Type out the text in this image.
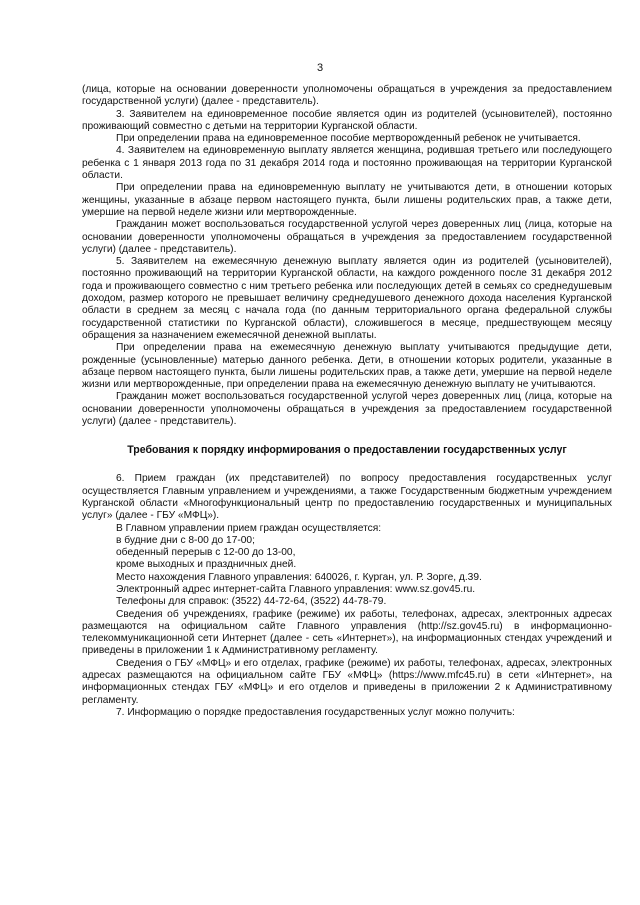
3

(лица, которые на основании доверенности уполномочены обращаться в учреждения за предоставлением государственной услуги) (далее - представитель).

3. Заявителем на единовременное пособие является один из родителей (усыновителей), постоянно проживающий совместно с детьми на территории Курганской области.

При определении права на единовременное пособие мертворожденный ребенок не учитывается.

4. Заявителем на единовременную выплату является женщина, родившая третьего или последующего ребенка с 1 января 2013 года по 31 декабря 2014 года и постоянно проживающая на территории Курганской области.

При определении права на единовременную выплату не учитываются дети, в отношении которых женщины, указанные в абзаце первом настоящего пункта, были лишены родительских прав, а также дети, умершие на первой неделе жизни или мертворожденные.

Гражданин может воспользоваться государственной услугой через доверенных лиц (лица, которые на основании доверенности уполномочены обращаться в учреждения за предоставлением государственной услуги) (далее - представитель).

5. Заявителем на ежемесячную денежную выплату является один из родителей (усыновителей), постоянно проживающий на территории Курганской области, на каждого рожденного после 31 декабря 2012 года и проживающего совместно с ним третьего ребенка или последующих детей в семьях со среднедушевым доходом, размер которого не превышает величину среднедушевого денежного дохода населения Курганской области в среднем за месяц с начала года (по данным территориального органа федеральной службы государственной статистики по Курганской области), сложившегося в месяце, предшествующем месяцу обращения за назначением ежемесячной денежной выплаты.

При определении права на ежемесячную денежную выплату учитываются предыдущие дети, рожденные (усыновленные) матерью данного ребенка. Дети, в отношении которых родители, указанные в абзаце первом настоящего пункта, были лишены родительских прав, а также дети, умершие на первой неделе жизни или мертворожденные, при определении права на ежемесячную денежную выплату не учитываются.

Гражданин может воспользоваться государственной услугой через доверенных лиц (лица, которые на основании доверенности уполномочены обращаться в учреждения за предоставлением государственной услуги) (далее - представитель).

Требования к порядку информирования о предоставлении государственных услуг

6. Прием граждан (их представителей) по вопросу предоставления государственных услуг осуществляется Главным управлением и учреждениями, а также Государственным бюджетным учреждением Курганской области «Многофункциональный центр по предоставлению государственных и муниципальных услуг» (далее - ГБУ «МФЦ»).

В Главном управлении прием граждан осуществляется:

в будние дни с 8-00 до 17-00;

обеденный перерыв с 12-00 до 13-00,

кроме выходных и праздничных дней.

Место нахождения Главного управления: 640026, г. Курган, ул. Р. Зорге, д.39.

Электронный адрес интернет-сайта Главного управления: www.sz.gov45.ru.

Телефоны для справок: (3522) 44-72-64, (3522) 44-78-79.

Сведения об учреждениях, графике (режиме) их работы, телефонах, адресах, электронных адресах размещаются на официальном сайте Главного управления (http://sz.gov45.ru) в информационно-телекоммуникационной сети Интернет (далее - сеть «Интернет»), на информационных стендах учреждений и приведены в приложении 1 к Административному регламенту.

Сведения о ГБУ «МФЦ» и его отделах, графике (режиме) их работы, телефонах, адресах, электронных адресах размещаются на официальном сайте ГБУ «МФЦ» (https://www.mfc45.ru) в сети «Интернет», на информационных стендах ГБУ «МФЦ» и его отделов и приведены в приложении 2 к Административному регламенту.

7. Информацию о порядке предоставления государственных услуг можно получить:
